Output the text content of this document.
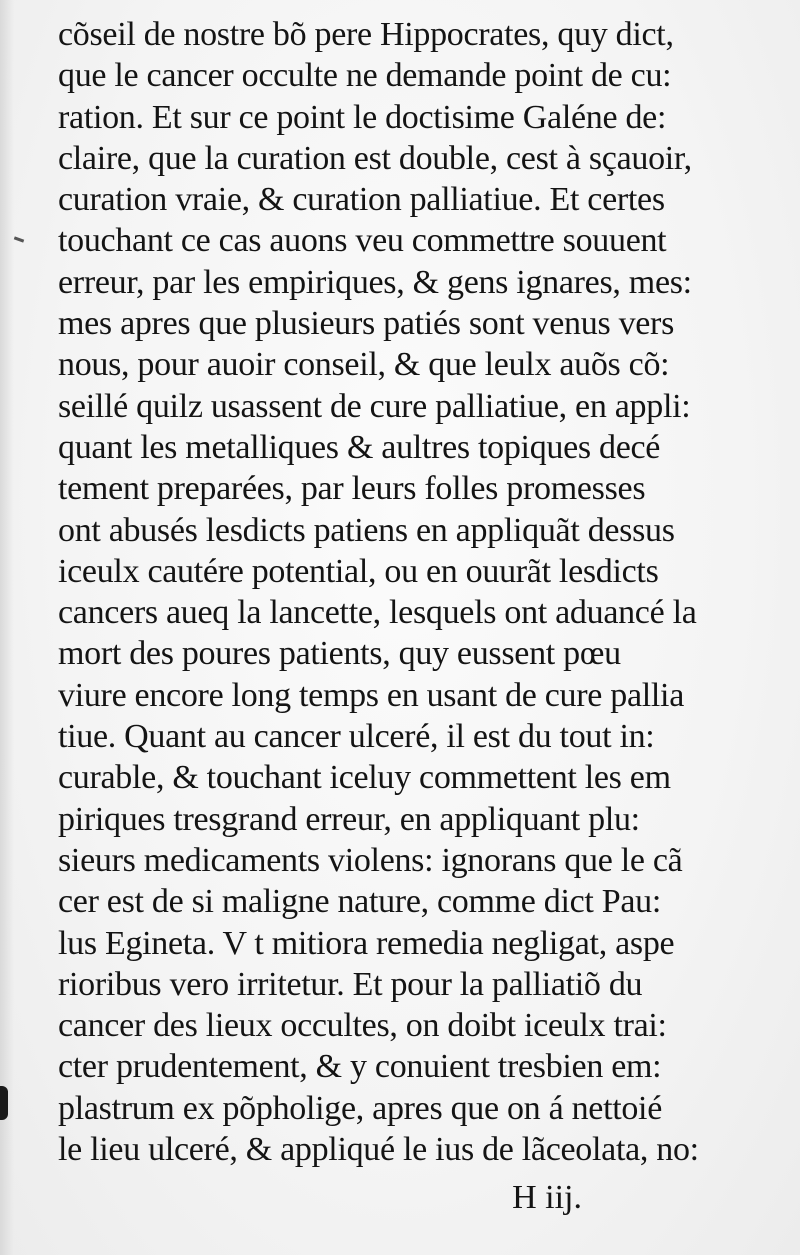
cõseil de nostre bõ pere Hippocrates, quy dict,
que le cancer occulte ne demande point de cu:
ration. Et sur ce point le doctisime Galéne de:
claire, que la curation est double, cest à sçauoir,
curation vraie, & curation palliatiue. Et certes
touchant ce cas auons veu commettre souuent
erreur, par les empiriques, & gens ignares, mes:
mes apres que plusieurs patiés sont venus vers
nous, pour auoir conseil, & que leulx auõs cõ:
seillé quilz usassent de cure palliatiue, en appli:
quant les metalliques & aultres topiques decé
tement preparées, par leurs folles promesses
ont abusés lesdicts patiens en appliquãt dessus
iceulx cautére potential, ou en ouurãt lesdicts
cancers aueq la lancette, lesquels ont aduancé la
mort des poures patients, quy eussent pœu
viure encore long temps en usant de cure pallia
tiue. Quant au cancer ulceré, il est du tout in:
curable, & touchant iceluy commettent les em
piriques tresgrand erreur, en appliquant plu:
sieurs medicaments violens: ignorans que le cã
cer est de si maligne nature, comme dict Pau:
lus Egineta. V t mitiora remedia negligat, aspe
rioribus vero irritetur. Et pour la palliatiõ du
cancer des lieux occultes, on doibt iceulx trai:
cter prudentement, & y conuient tresbien em:
plastrum ex põpholige, apres que on á nettoié
le lieu ulceré, & appliqué le ius de lãceolata, no:
H iij.
